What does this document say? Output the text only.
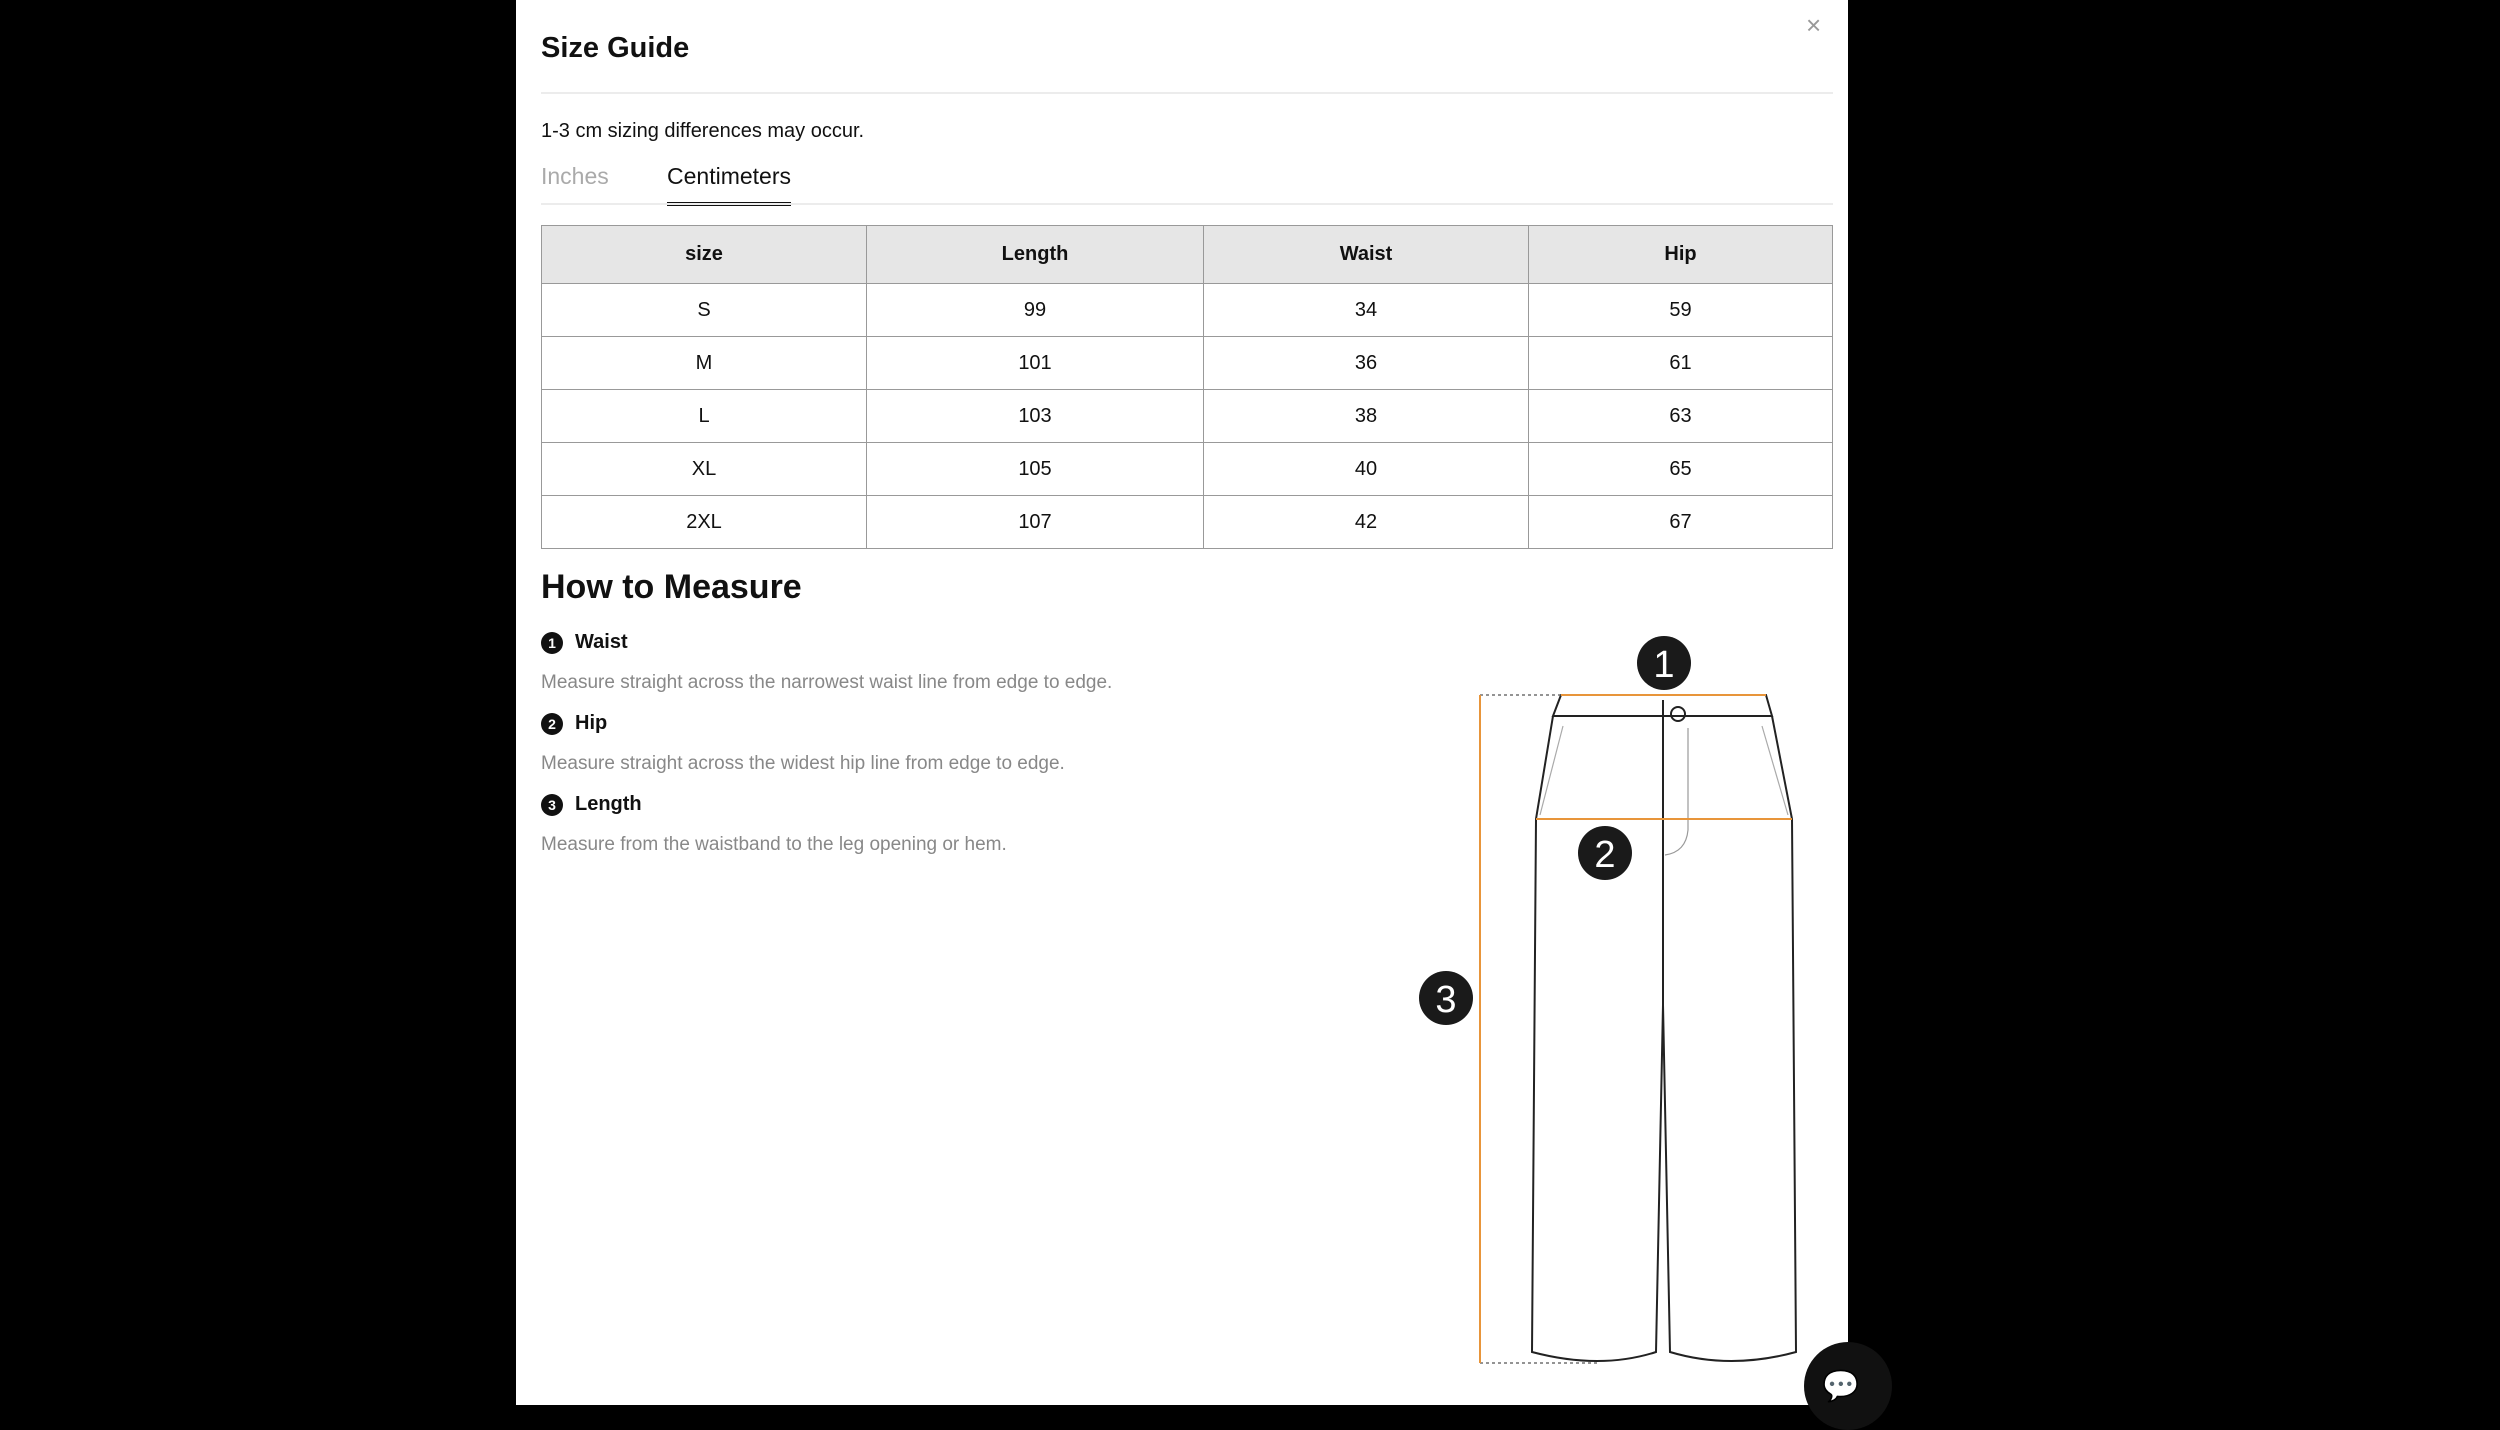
Size Guide
×
1-3 cm sizing differences may occur.
Inches	Centimeters
size	Length	Waist	Hip
S	99	34	59
M	101	36	61
L	103	38	63
XL	105	40	65
2XL	107	42	67
How to Measure
1 Waist
Measure straight across the narrowest waist line from edge to edge.
2 Hip
Measure straight across the widest hip line from edge to edge.
3 Length
Measure from the waistband to the leg opening or hem.
1
2
3
💬
